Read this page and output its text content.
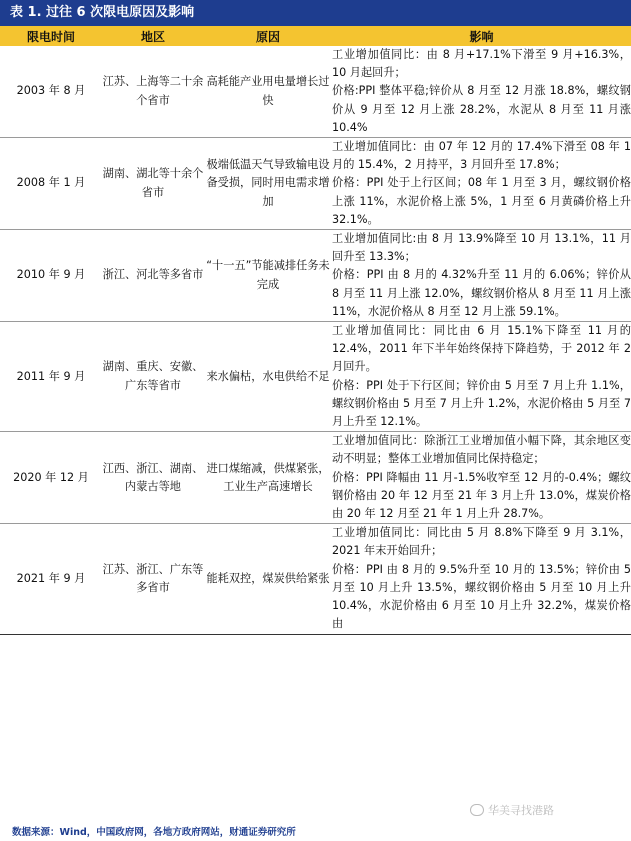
表 1. 过往 6 次限电原因及影响
限电时间	地区	原因	影响
2003 年 8 月	江苏、上海等二十余个省市	高耗能产业用电量增长过快	工业增加值同比：由 8 月+17.1%下滑至 9 月+16.3%，10 月起回升；
价格:PPI 整体平稳;锌价从 8 月至 12 月涨 18.8%，螺纹钢价从 9 月至 12 月上涨 28.2%，水泥从 8 月至 11 月涨 10.4%

2008 年 1 月	湖南、湖北等十余个省市	极端低温天气导致输电设备受损，同时用电需求增加	工业增加值同比：由 07 年 12 月的 17.4%下滑至 08 年 1 月的 15.4%，2 月持平，3 月回升至 17.8%；
价格：PPI 处于上行区间；08 年 1 月至 3 月，螺纹钢价格上涨 11%，水泥价格上涨 5%，1 月至 6 月黄磷价格上升 32.1%。

2010 年 9 月	浙江、河北等多省市	“十一五”节能减排任务未完成	工业增加值同比:由 8 月 13.9%降至 10 月 13.1%，11 月回升至 13.3%；
价格：PPI 由 8 月的 4.32%升至 11 月的 6.06%；锌价从 8 月至 11 月上涨 12.0%，螺纹钢价格从 8 月至 11 月上涨 11%，水泥价格从 8 月至 12 月上涨 59.1%。

2011 年 9 月	湖南、重庆、安徽、广东等省市	来水偏枯，水电供给不足	工业增加值同比：同比由 6 月 15.1%下降至 11 月的 12.4%，2011 年下半年始终保持下降趋势，于 2012 年 2 月回升。
价格：PPI 处于下行区间；锌价由 5 月至 7 月上升 1.1%，螺纹钢价格由 5 月至 7 月上升 1.2%，水泥价格由 5 月至 7 月上升至 12.1%。

2020 年 12 月	江西、浙江、湖南、内蒙古等地	进口煤缩减，供煤紧张，工业生产高速增长	工业增加值同比：除浙江工业增加值小幅下降，其余地区变动不明显；整体工业增加值同比保持稳定；
价格：PPI 降幅由 11 月-1.5%收窄至 12 月的-0.4%；螺纹钢价格由 20 年 12 月至 21 年 3 月上升 13.0%，煤炭价格由 20 年 12 月至 21 年 1 月上升 28.7%。

2021 年 9 月	江苏、浙江、广东等多省市	能耗双控，煤炭供给紧张	工业增加值同比：同比由 5 月 8.8%下降至 9 月 3.1%，2021 年末开始回升；
价格：PPI 由 8 月的 9.5%升至 10 月的 13.5%；锌价由 5 月至 10 月上升 13.5%，螺纹钢价格由 5 月至 10 月上升 10.4%，水泥价格由 6 月至 10 月上升 32.2%，煤炭价格由
华美寻找港路
数据来源：Wind，中国政府网，各地方政府网站，财通证券研究所
